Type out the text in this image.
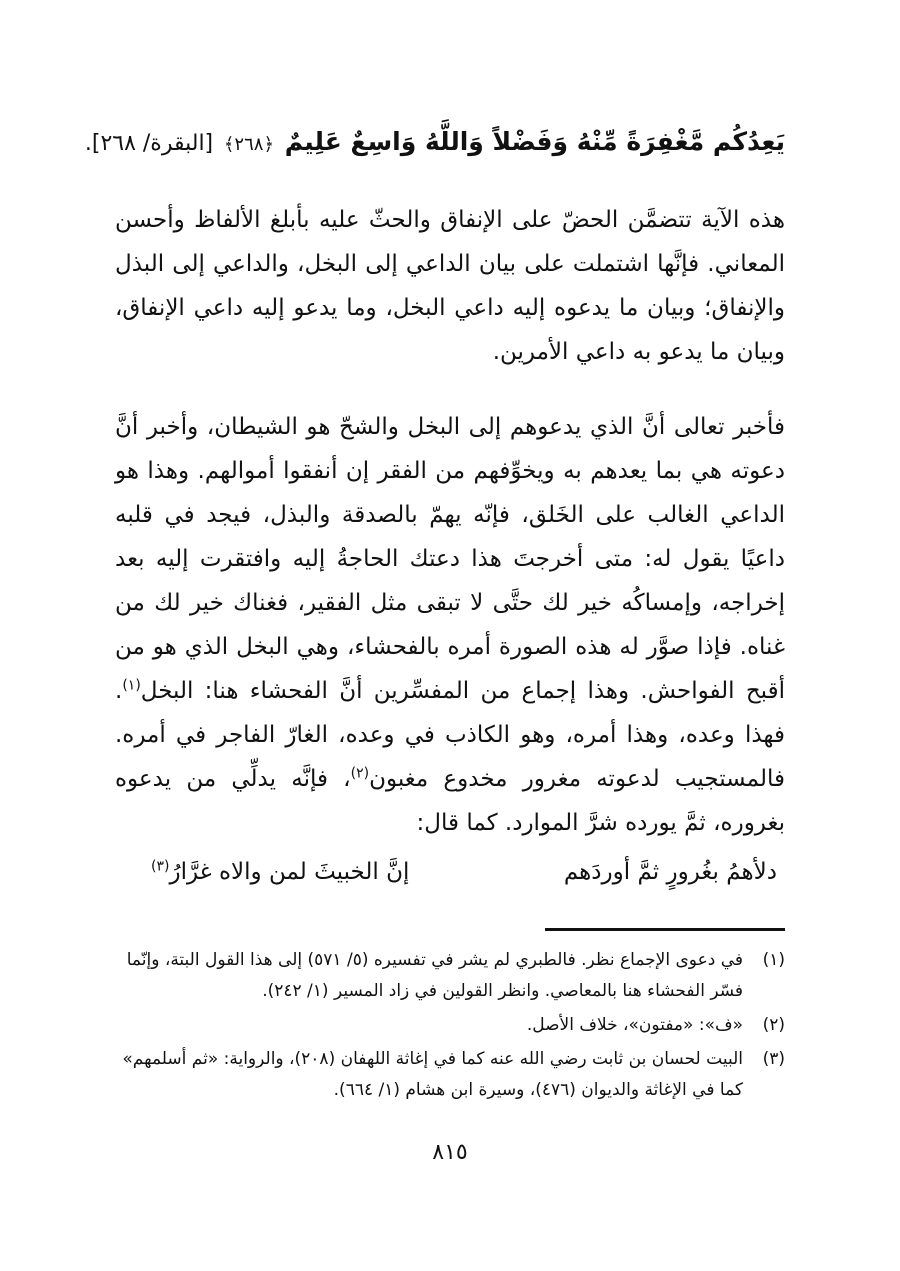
يَعِدُكُم مَّغْفِرَةً مِّنْهُ وَفَضْلاً وَاللَّهُ وَاسِعٌ عَلِيمٌ ﴿٢٦٨﴾ [البقرة/ ٢٦٨].

هذه الآية تتضمَّن الحضّ على الإنفاق والحثّ عليه بأبلغ الألفاظ وأحسن المعاني. فإنَّها اشتملت على بيان الداعي إلى البخل، والداعي إلى البذل والإنفاق؛ وبيان ما يدعوه إليه داعي البخل، وما يدعو إليه داعي الإنفاق، وبيان ما يدعو به داعي الأمرين.

فأخبر تعالى أنَّ الذي يدعوهم إلى البخل والشحّ هو الشيطان، وأخبر أنَّ دعوته هي بما يعدهم به ويخوِّفهم من الفقر إن أنفقوا أموالهم. وهذا هو الداعي الغالب على الخَلق، فإنّه يهمّ بالصدقة والبذل، فيجد في قلبه داعيًا يقول له: متى أخرجتَ هذا دعتك الحاجةُ إليه وافتقرت إليه بعد إخراجه، وإمساكُه خير لك حتَّى لا تبقى مثل الفقير، فغناك خير لك من غناه. فإذا صوَّر له هذه الصورة أمره بالفحشاء، وهي البخل الذي هو من أقبح الفواحش. وهذا إجماع من المفسِّرين أنَّ الفحشاء هنا: البخل$^{(١)}$. فهذا وعده، وهذا أمره، وهو الكاذب في وعده، الغارّ الفاجر في أمره. فالمستجيب لدعوته مغرور مخدوع مغبون$^{(٢)}$، فإنَّه يدلِّي من يدعوه بغروره، ثمَّ يورده شرَّ الموارد. كما قال:

دلأهمُ بغُرورٍ ثمَّ أوردَهم
إنَّ الخبيثَ لمن والاه غرَّارُ$^{(٣)}$
(١)
في دعوى الإجماع نظر. فالطبري لم يشر في تفسيره (٥/ ٥٧١) إلى هذا القول البتة، وإنّما فسّر الفحشاء هنا بالمعاصي. وانظر القولين في زاد المسير (١/ ٢٤٢).
(٢)
«ف»: «مفتون»، خلاف الأصل.
(٣)
البيت لحسان بن ثابت رضي الله عنه كما في إغاثة اللهفان (٢٠٨)، والرواية: «ثم أسلمهم» كما في الإغاثة والديوان (٤٧٦)، وسيرة ابن هشام (١/ ٦٦٤).
٨١٥
